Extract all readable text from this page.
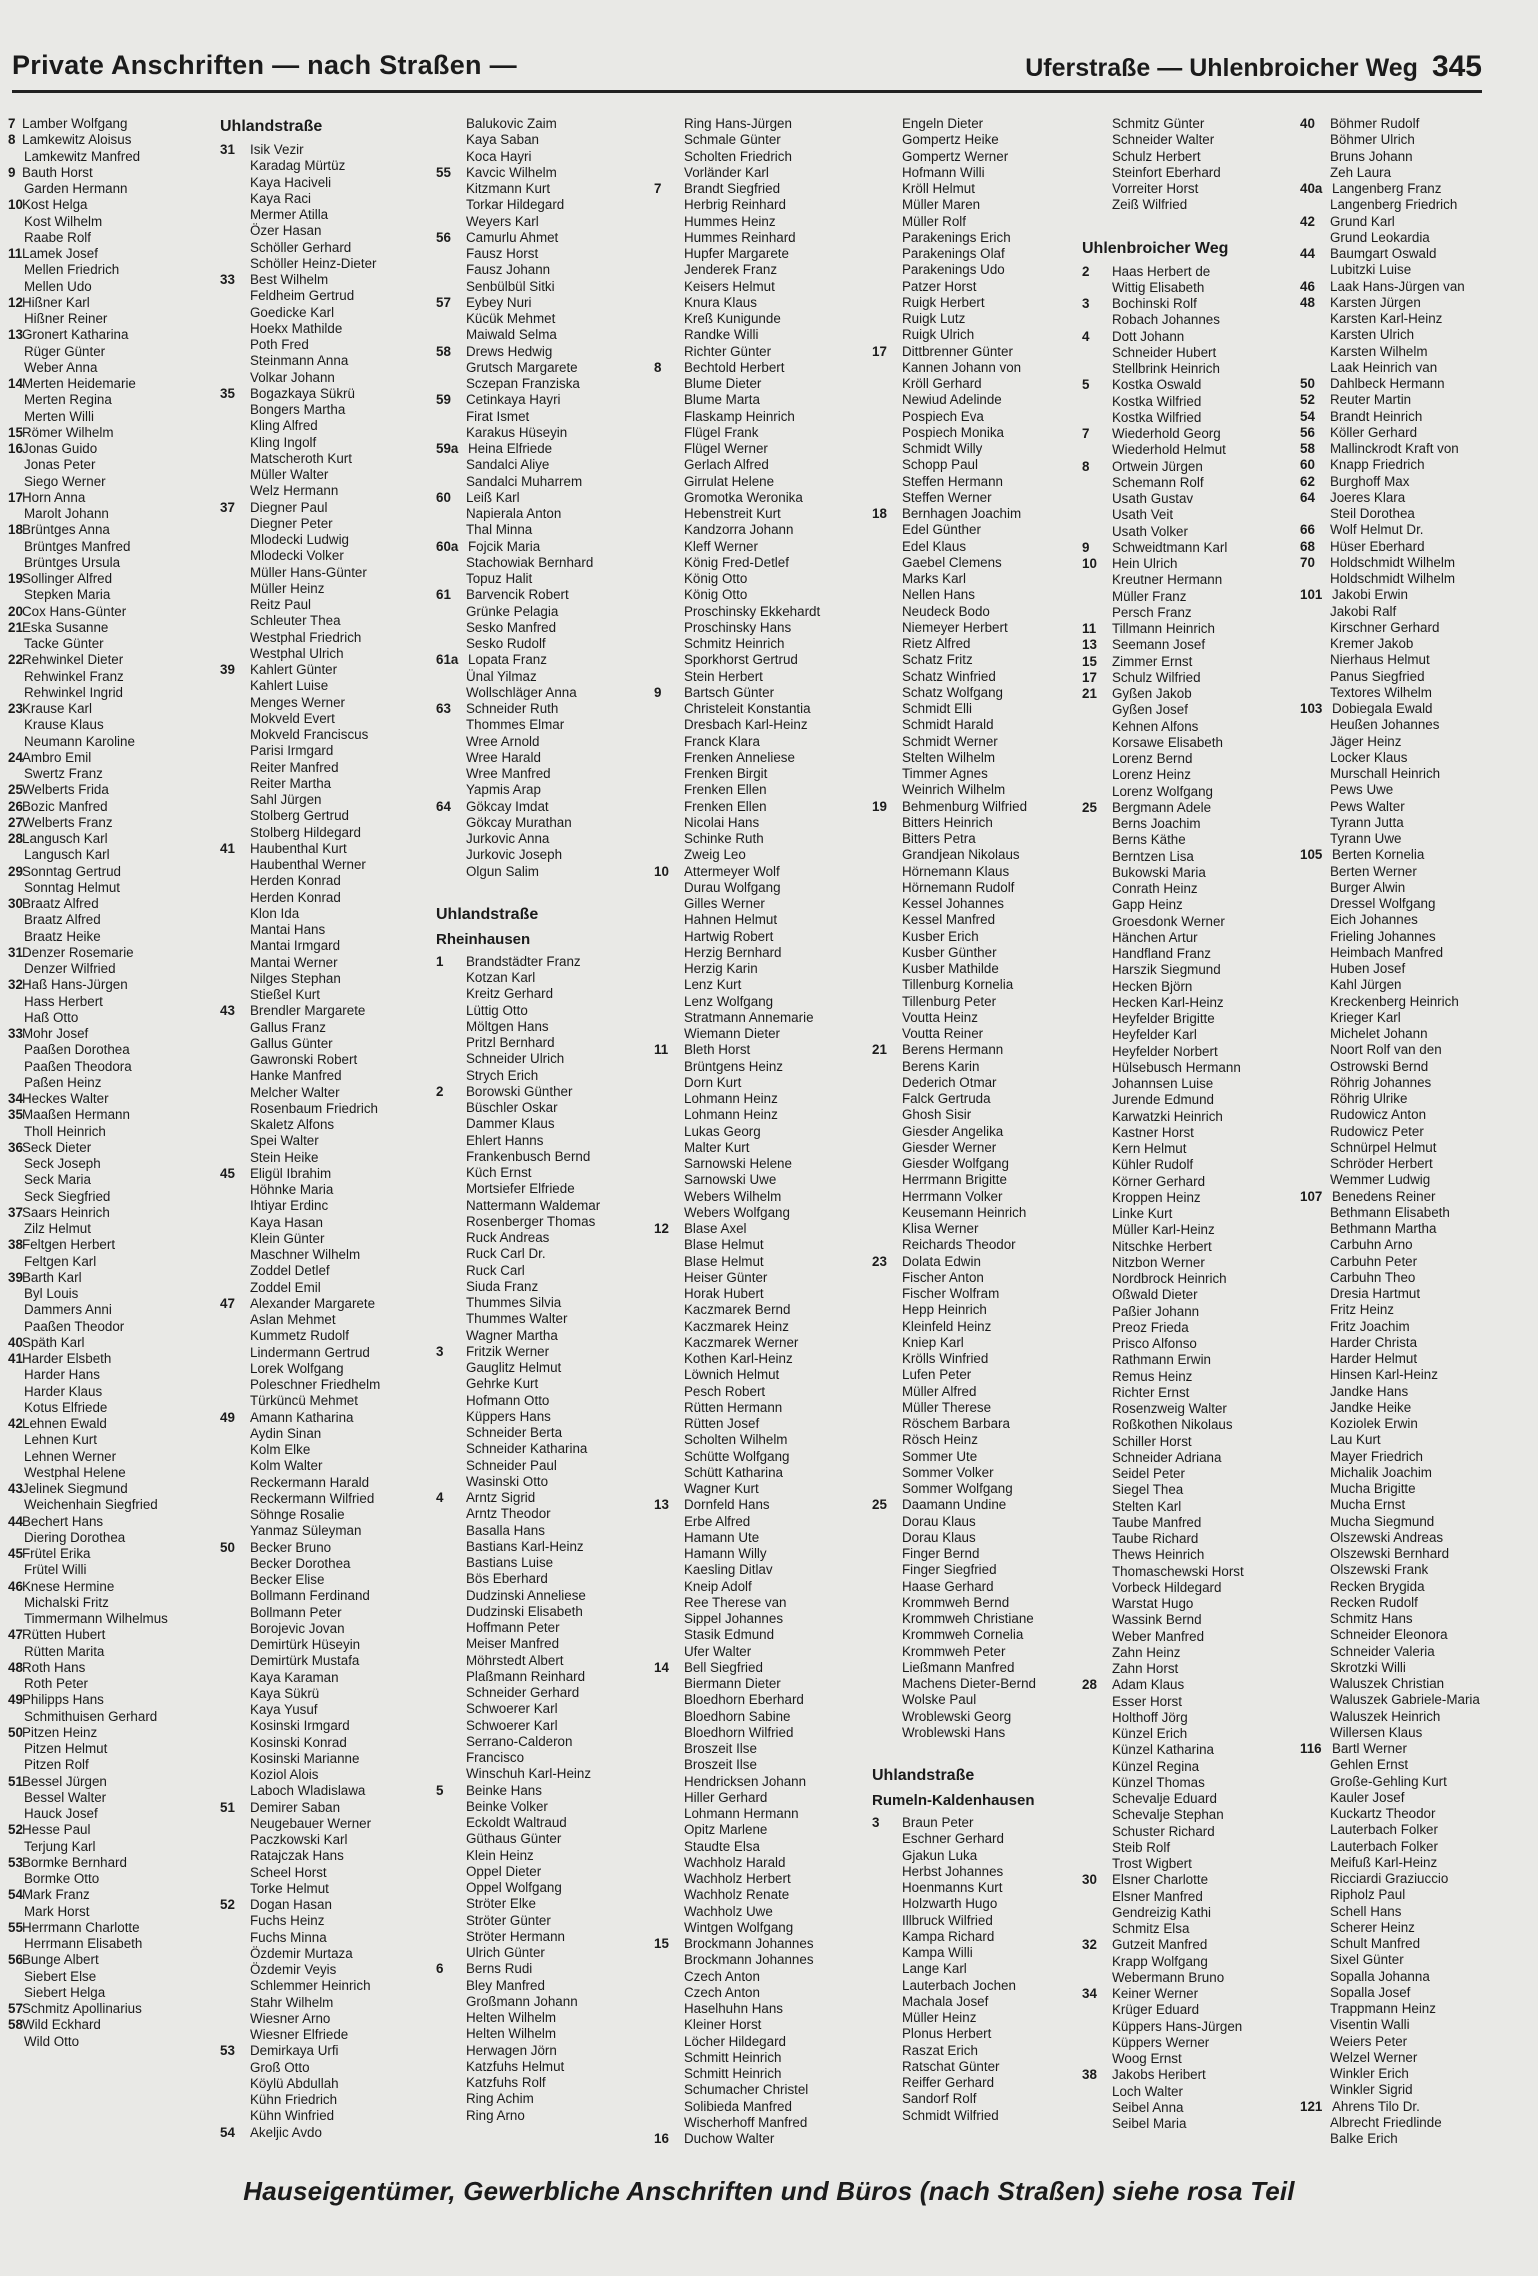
Private Anschriften — nach Straßen —	Uferstraße — Uhlenbroicher Weg 345
7 Lamber Wolfgang
8 Lamkewitz Aloisus
Lamkewitz Manfred
9 Bauth Horst
Garden Hermann
10 Kost Helga
Kost Wilhelm
Raabe Rolf
11 Lamek Josef
Mellen Friedrich
Mellen Udo
12 Hißner Karl
Hißner Reiner
13 Gronert Katharina
Rüger Günter
Weber Anna
14 Merten Heidemarie
Merten Regina
Merten Willi
15 Römer Wilhelm
16 Jonas Guido
Jonas Peter
Siego Werner
17 Horn Anna
Marolt Johann
18 Brüntges Anna
Brüntges Manfred
Brüntges Ursula
19 Sollinger Alfred
Stepken Maria
20 Cox Hans-Günter
21 Eska Susanne
Tacke Günter
22 Rehwinkel Dieter
Rehwinkel Franz
Rehwinkel Ingrid
23 Krause Karl
Krause Klaus
Neumann Karoline
24 Ambro Emil
Swertz Franz
25 Welberts Frida
26 Bozic Manfred
27 Welberts Franz
28 Langusch Karl
Langusch Karl
29 Sonntag Gertrud
Sonntag Helmut
30 Braatz Alfred
Braatz Alfred
Braatz Heike
31 Denzer Rosemarie
Denzer Wilfried
32 Haß Hans-Jürgen
Hass Herbert
Haß Otto
33 Mohr Josef
Paaßen Dorothea
Paaßen Theodora
Paßen Heinz
34 Heckes Walter
35 Maaßen Hermann
Tholl Heinrich
36 Seck Dieter
Seck Joseph
Seck Maria
Seck Siegfried
37 Saars Heinrich
Zilz Helmut
38 Feltgen Herbert
Feltgen Karl
39 Barth Karl
Byl Louis
Dammers Anni
Paaßen Theodor
40 Späth Karl
41 Harder Elsbeth
Harder Hans
Harder Klaus
Kotus Elfriede
42 Lehnen Ewald
Lehnen Kurt
Lehnen Werner
Westphal Helene
43 Jelinek Siegmund
Weichenhain Siegfried
44 Bechert Hans
Diering Dorothea
45 Frütel Erika
Frütel Willi
46 Knese Hermine
Michalski Fritz
Timmermann Wilhelmus
47 Rütten Hubert
Rütten Marita
48 Roth Hans
Roth Peter
49 Philipps Hans
Schmithuisen Gerhard
50 Pitzen Heinz
Pitzen Helmut
Pitzen Rolf
51 Bessel Jürgen
Bessel Walter
Hauck Josef
52 Hesse Paul
Terjung Karl
53 Bormke Bernhard
Bormke Otto
54 Mark Franz
Mark Horst
55 Herrmann Charlotte
Herrmann Elisabeth
56 Bunge Albert
Siebert Else
Siebert Helga
57 Schmitz Apollinarius
58 Wild Eckhard
Wild Otto
Uhlandstraße
31 Isik Vezir
Karadag Mürtüz
Kaya Haciveli
Kaya Raci
Mermer Atilla
Özer Hasan
Schöller Gerhard
Schöller Heinz-Dieter
33 Best Wilhelm
Feldheim Gertrud
Goedicke Karl
Hoekx Mathilde
Poth Fred
Steinmann Anna
Volkar Johann
35 Bogazkaya Sükrü
Bongers Martha
Kling Alfred
Kling Ingolf
Matscheroth Kurt
Müller Walter
Welz Hermann
37 Diegner Paul
Diegner Peter
Mlodecki Ludwig
Mlodecki Volker
Müller Hans-Günter
Müller Heinz
Reitz Paul
Schleuter Thea
Westphal Friedrich
Westphal Ulrich
39 Kahlert Günter
Kahlert Luise
Menges Werner
Mokveld Evert
Mokveld Franciscus
Parisi Irmgard
Reiter Manfred
Reiter Martha
Sahl Jürgen
Stolberg Gertrud
Stolberg Hildegard
41 Haubenthal Kurt
Haubenthal Werner
Herden Konrad
Herden Konrad
Klon Ida
Mantai Hans
Mantai Irmgard
Mantai Werner
Nilges Stephan
Stießel Kurt
43 Brendler Margarete
Gallus Franz
Gallus Günter
Gawronski Robert
Hanke Manfred
Melcher Walter
Rosenbaum Friedrich
Skaletz Alfons
Spei Walter
Stein Heike
45 Eligül Ibrahim
Höhnke Maria
Ihtiyar Erdinc
Kaya Hasan
Klein Günter
Maschner Wilhelm
Zoddel Detlef
Zoddel Emil
47 Alexander Margarete
Aslan Mehmet
Kummetz Rudolf
Lindermann Gertrud
Lorek Wolfgang
Poleschner Friedhelm
Türküncü Mehmet
49 Amann Katharina
Aydin Sinan
Kolm Elke
Kolm Walter
Reckermann Harald
Reckermann Wilfried
Söhnge Rosalie
Yanmaz Süleyman
50 Becker Bruno
Becker Dorothea
Becker Elise
Bollmann Ferdinand
Bollmann Peter
Borojevic Jovan
Demirtürk Hüseyin
Demirtürk Mustafa
Kaya Karaman
Kaya Sükrü
Kaya Yusuf
Kosinski Irmgard
Kosinski Konrad
Kosinski Marianne
Koziol Alois
Laboch Wladislawa
51 Demirer Saban
Neugebauer Werner
Paczkowski Karl
Ratajczak Hans
Scheel Horst
Torke Helmut
52 Dogan Hasan
Fuchs Heinz
Fuchs Minna
Özdemir Murtaza
Özdemir Veyis
Schlemmer Heinrich
Stahr Wilhelm
Wiesner Arno
Wiesner Elfriede
53 Demirkaya Urfi
Groß Otto
Köylü Abdullah
Kühn Friedrich
Kühn Winfried
54 Akeljic Avdo
Balukovic Zaim
Kaya Saban
Koca Hayri
55 Kavcic Wilhelm
Kitzmann Kurt
Torkar Hildegard
Weyers Karl
56 Camurlu Ahmet
Fausz Horst
Fausz Johann
Senbülbül Sitki
57 Eybey Nuri
Kücük Mehmet
Maiwald Selma
58 Drews Hedwig
Grutsch Margarete
Sczepan Franziska
59 Cetinkaya Hayri
Firat Ismet
Karakus Hüseyin
59a Heina Elfriede
Sandalci Aliye
Sandalci Muharrem
60 Leiß Karl
Napierala Anton
Thal Minna
60a Fojcik Maria
Stachowiak Bernhard
Topuz Halit
61 Barvencik Robert
Grünke Pelagia
Sesko Manfred
Sesko Rudolf
61a Lopata Franz
Ünal Yilmaz
Wollschläger Anna
63 Schneider Ruth
Thommes Elmar
Wree Arnold
Wree Harald
Wree Manfred
Yapmis Arap
64 Gökcay Imdat
Gökcay Murathan
Jurkovic Anna
Jurkovic Joseph
Olgun Salim
Uhlandstraße
Rheinhausen
1 Brandstädter Franz
Kotzan Karl
Kreitz Gerhard
Lüttig Otto
Möltgen Hans
Pritzl Bernhard
Schneider Ulrich
Strych Erich
2 Borowski Günther
Büschler Oskar
Dammer Klaus
Ehlert Hanns
Frankenbusch Bernd
Küch Ernst
Mortsiefer Elfriede
Nattermann Waldemar
Rosenberger Thomas
Ruck Andreas
Ruck Carl Dr.
Ruck Carl
Siuda Franz
Thummes Silvia
Thummes Walter
Wagner Martha
3 Fritzik Werner
Gauglitz Helmut
Gehrke Kurt
Hofmann Otto
Küppers Hans
Schneider Berta
Schneider Katharina
Schneider Paul
Wasinski Otto
4 Arntz Sigrid
Arntz Theodor
Basalla Hans
Bastians Karl-Heinz
Bastians Luise
Bös Eberhard
Dudzinski Anneliese
Dudzinski Elisabeth
Hoffmann Peter
Meiser Manfred
Möhrstedt Albert
Plaßmann Reinhard
Schneider Gerhard
Schwoerer Karl
Schwoerer Karl
Serrano-Calderon
Francisco
Winschuh Karl-Heinz
5 Beinke Hans
Beinke Volker
Eckoldt Waltraud
Güthaus Günter
Klein Heinz
Oppel Dieter
Oppel Wolfgang
Ströter Elke
Ströter Günter
Ströter Hermann
Ulrich Günter
6 Berns Rudi
Bley Manfred
Großmann Johann
Helten Wilhelm
Helten Wilhelm
Herwagen Jörn
Katzfuhs Helmut
Katzfuhs Rolf
Ring Achim
Ring Arno
Ring Hans-Jürgen
Schmale Günter
Scholten Friedrich
Vorländer Karl
7 Brandt Siegfried
Herbrig Reinhard
Hummes Heinz
Hummes Reinhard
Hupfer Margarete
Jenderek Franz
Keisers Helmut
Knura Klaus
Kreß Kunigunde
Randke Willi
Richter Günter
8 Bechtold Herbert
Blume Dieter
Blume Marta
Flaskamp Heinrich
Flügel Frank
Flügel Werner
Gerlach Alfred
Girrulat Helene
Gromotka Weronika
Hebenstreit Kurt
Kandzorra Johann
Kleff Werner
König Fred-Detlef
König Otto
König Otto
Proschinsky Ekkehardt
Proschinsky Hans
Schmitz Heinrich
Sporkhorst Gertrud
Stein Herbert
9 Bartsch Günter
Christeleit Konstantia
Dresbach Karl-Heinz
Franck Klara
Frenken Anneliese
Frenken Birgit
Frenken Ellen
Frenken Ellen
Nicolai Hans
Schinke Ruth
Zweig Leo
10 Attermeyer Wolf
Durau Wolfgang
Gilles Werner
Hahnen Helmut
Hartwig Robert
Herzig Bernhard
Herzig Karin
Lenz Kurt
Lenz Wolfgang
Stratmann Annemarie
Wiemann Dieter
11 Bleth Horst
Brüntgens Heinz
Dorn Kurt
Lohmann Heinz
Lohmann Heinz
Lukas Georg
Malter Kurt
Sarnowski Helene
Sarnowski Uwe
Webers Wilhelm
Webers Wolfgang
12 Blase Axel
Blase Helmut
Blase Helmut
Heiser Günter
Horak Hubert
Kaczmarek Bernd
Kaczmarek Heinz
Kaczmarek Werner
Kothen Karl-Heinz
Löwnich Helmut
Pesch Robert
Rütten Hermann
Rütten Josef
Scholten Wilhelm
Schütte Wolfgang
Schütt Katharina
Wagner Kurt
13 Dornfeld Hans
Erbe Alfred
Hamann Ute
Hamann Willy
Kaesling Ditlav
Kneip Adolf
Ree Therese van
Sippel Johannes
Stasik Edmund
Ufer Walter
14 Bell Siegfried
Biermann Dieter
Bloedhorn Eberhard
Bloedhorn Sabine
Bloedhorn Wilfried
Broszeit Ilse
Broszeit Ilse
Hendricksen Johann
Hiller Gerhard
Lohmann Hermann
Opitz Marlene
Staudte Elsa
Wachholz Harald
Wachholz Herbert
Wachholz Renate
Wachholz Uwe
Wintgen Wolfgang
15 Brockmann Johannes
Brockmann Johannes
Czech Anton
Czech Anton
Haselhuhn Hans
Kleiner Horst
Löcher Hildegard
Schmitt Heinrich
Schmitt Heinrich
Schumacher Christel
Solibieda Manfred
Wischerhoff Manfred
16 Duchow Walter
Engeln Dieter
Gompertz Heike
Gompertz Werner
Hofmann Willi
Kröll Helmut
Müller Maren
Müller Rolf
Parakenings Erich
Parakenings Olaf
Parakenings Udo
Patzer Horst
Ruigk Herbert
Ruigk Lutz
Ruigk Ulrich
17 Dittbrenner Günter
Kannen Johann von
Kröll Gerhard
Newiud Adelinde
Pospiech Eva
Pospiech Monika
Schmidt Willy
Schopp Paul
Steffen Hermann
Steffen Werner
18 Bernhagen Joachim
Edel Günther
Edel Klaus
Gaebel Clemens
Marks Karl
Nellen Hans
Neudeck Bodo
Niemeyer Herbert
Rietz Alfred
Schatz Fritz
Schatz Winfried
Schatz Wolfgang
Schmidt Elli
Schmidt Harald
Schmidt Werner
Stelten Wilhelm
Timmer Agnes
Weinrich Wilhelm
19 Behmenburg Wilfried
Bitters Heinrich
Bitters Petra
Grandjean Nikolaus
Hörnemann Klaus
Hörnemann Rudolf
Kessel Johannes
Kessel Manfred
Kusber Erich
Kusber Günther
Kusber Mathilde
Tillenburg Kornelia
Tillenburg Peter
Voutta Heinz
Voutta Reiner
21 Berens Hermann
Berens Karin
Dederich Otmar
Falck Gertruda
Ghosh Sisir
Giesder Angelika
Giesder Werner
Giesder Wolfgang
Herrmann Brigitte
Herrmann Volker
Keusemann Heinrich
Klisa Werner
Reichards Theodor
23 Dolata Edwin
Fischer Anton
Fischer Wolfram
Hepp Heinrich
Kleinfeld Heinz
Kniep Karl
Krölls Winfried
Lufen Peter
Müller Alfred
Müller Therese
Röschem Barbara
Rösch Heinz
Sommer Ute
Sommer Volker
Sommer Wolfgang
25 Daamann Undine
Dorau Klaus
Dorau Klaus
Finger Bernd
Finger Siegfried
Haase Gerhard
Krommweh Bernd
Krommweh Christiane
Krommweh Cornelia
Krommweh Peter
Ließmann Manfred
Machens Dieter-Bernd
Wolske Paul
Wroblewski Georg
Wroblewski Hans
Uhlandstraße
Rumeln-Kaldenhausen
3 Braun Peter
Eschner Gerhard
Gjakun Luka
Herbst Johannes
Hoenmanns Kurt
Holzwarth Hugo
Illbruck Wilfried
Kampa Richard
Kampa Willi
Lange Karl
Lauterbach Jochen
Machala Josef
Müller Heinz
Plonus Herbert
Raszat Erich
Ratschat Günter
Reiffer Gerhard
Sandorf Rolf
Schmidt Wilfried
Schmitz Günter
Schneider Walter
Schulz Herbert
Steinfort Eberhard
Vorreiter Horst
Zeiß Wilfried
Uhlenbroicher Weg
2 Haas Herbert de
Wittig Elisabeth
3 Bochinski Rolf
Robach Johannes
4 Dott Johann
Schneider Hubert
Stellbrink Heinrich
5 Kostka Oswald
Kostka Wilfried
Kostka Wilfried
7 Wiederhold Georg
Wiederhold Helmut
8 Ortwein Jürgen
Schemann Rolf
Usath Gustav
Usath Veit
Usath Volker
9 Schweidtmann Karl
10 Hein Ulrich
Kreutner Hermann
Müller Franz
Persch Franz
11 Tillmann Heinrich
13 Seemann Josef
15 Zimmer Ernst
17 Schulz Wilfried
21 Gyßen Jakob
Gyßen Josef
Kehnen Alfons
Korsawe Elisabeth
Lorenz Bernd
Lorenz Heinz
Lorenz Wolfgang
25 Bergmann Adele
Berns Joachim
Berns Käthe
Berntzen Lisa
Bukowski Maria
Conrath Heinz
Gapp Heinz
Groesdonk Werner
Hänchen Artur
Handfland Franz
Harszik Siegmund
Hecken Björn
Hecken Karl-Heinz
Heyfelder Brigitte
Heyfelder Karl
Heyfelder Norbert
Hülsebusch Hermann
Johannsen Luise
Jurende Edmund
Karwatzki Heinrich
Kastner Horst
Kern Helmut
Kühler Rudolf
Körner Gerhard
Kroppen Heinz
Linke Kurt
Müller Karl-Heinz
Nitschke Herbert
Nitzbon Werner
Nordbrock Heinrich
Oßwald Dieter
Paßier Johann
Preoz Frieda
Prisco Alfonso
Rathmann Erwin
Remus Heinz
Richter Ernst
Rosenzweig Walter
Roßkothen Nikolaus
Schiller Horst
Schneider Adriana
Seidel Peter
Siegel Thea
Stelten Karl
Taube Manfred
Taube Richard
Thews Heinrich
Thomaschewski Horst
Vorbeck Hildegard
Warstat Hugo
Wassink Bernd
Weber Manfred
Zahn Heinz
Zahn Horst
28 Adam Klaus
Esser Horst
Holthoff Jörg
Künzel Erich
Künzel Katharina
Künzel Regina
Künzel Thomas
Schevalje Eduard
Schevalje Stephan
Schuster Richard
Steib Rolf
Trost Wigbert
30 Elsner Charlotte
Elsner Manfred
Gendreizig Kathi
Schmitz Elsa
32 Gutzeit Manfred
Krapp Wolfgang
Webermann Bruno
34 Keiner Werner
Krüger Eduard
Küppers Hans-Jürgen
Küppers Werner
Woog Ernst
38 Jakobs Heribert
Loch Walter
Seibel Anna
Seibel Maria
40 Böhmer Rudolf
Böhmer Ulrich
Bruns Johann
Zeh Laura
40a Langenberg Franz
Langenberg Friedrich
42 Grund Karl
Grund Leokardia
44 Baumgart Oswald
Lubitzki Luise
46 Laak Hans-Jürgen van
48 Karsten Jürgen
Karsten Karl-Heinz
Karsten Ulrich
Karsten Wilhelm
Laak Heinrich van
50 Dahlbeck Hermann
52 Reuter Martin
54 Brandt Heinrich
56 Köller Gerhard
58 Mallinckrodt Kraft von
60 Knapp Friedrich
62 Burghoff Max
64 Joeres Klara
Steil Dorothea
66 Wolf Helmut Dr.
68 Hüser Eberhard
70 Holdschmidt Wilhelm
Holdschmidt Wilhelm
101 Jakobi Erwin
Jakobi Ralf
Kirschner Gerhard
Kremer Jakob
Nierhaus Helmut
Panus Siegfried
Textores Wilhelm
103 Dobiegala Ewald
Heußen Johannes
Jäger Heinz
Locker Klaus
Murschall Heinrich
Pews Uwe
Pews Walter
Tyrann Jutta
Tyrann Uwe
105 Berten Kornelia
Berten Werner
Burger Alwin
Dressel Wolfgang
Eich Johannes
Frieling Johannes
Heimbach Manfred
Huben Josef
Kahl Jürgen
Kreckenberg Heinrich
Krieger Karl
Michelet Johann
Noort Rolf van den
Ostrowski Bernd
Röhrig Johannes
Röhrig Ulrike
Rudowicz Anton
Rudowicz Peter
Schnürpel Helmut
Schröder Herbert
Wemmer Ludwig
107 Benedens Reiner
Bethmann Elisabeth
Bethmann Martha
Carbuhn Arno
Carbuhn Peter
Carbuhn Theo
Dresia Hartmut
Fritz Heinz
Fritz Joachim
Harder Christa
Harder Helmut
Hinsen Karl-Heinz
Jandke Hans
Jandke Heike
Koziolek Erwin
Lau Kurt
Mayer Friedrich
Michalik Joachim
Mucha Brigitte
Mucha Ernst
Mucha Siegmund
Olszewski Andreas
Olszewski Bernhard
Olszewski Frank
Recken Brygida
Recken Rudolf
Schmitz Hans
Schneider Eleonora
Schneider Valeria
Skrotzki Willi
Waluszek Christian
Waluszek Gabriele-Maria
Waluszek Heinrich
Willersen Klaus
116 Bartl Werner
Gehlen Ernst
Große-Gehling Kurt
Kauler Josef
Kuckartz Theodor
Lauterbach Folker
Lauterbach Folker
Meifuß Karl-Heinz
Ricciardi Graziuccio
Ripholz Paul
Schell Hans
Scherer Heinz
Schult Manfred
Sixel Günter
Sopalla Johanna
Sopalla Josef
Trappmann Heinz
Visentin Walli
Weiers Peter
Welzel Werner
Winkler Erich
Winkler Sigrid
121 Ahrens Tilo Dr.
Albrecht Friedlinde
Balke Erich
Hauseigentümer, Gewerbliche Anschriften und Büros (nach Straßen) siehe rosa Teil
